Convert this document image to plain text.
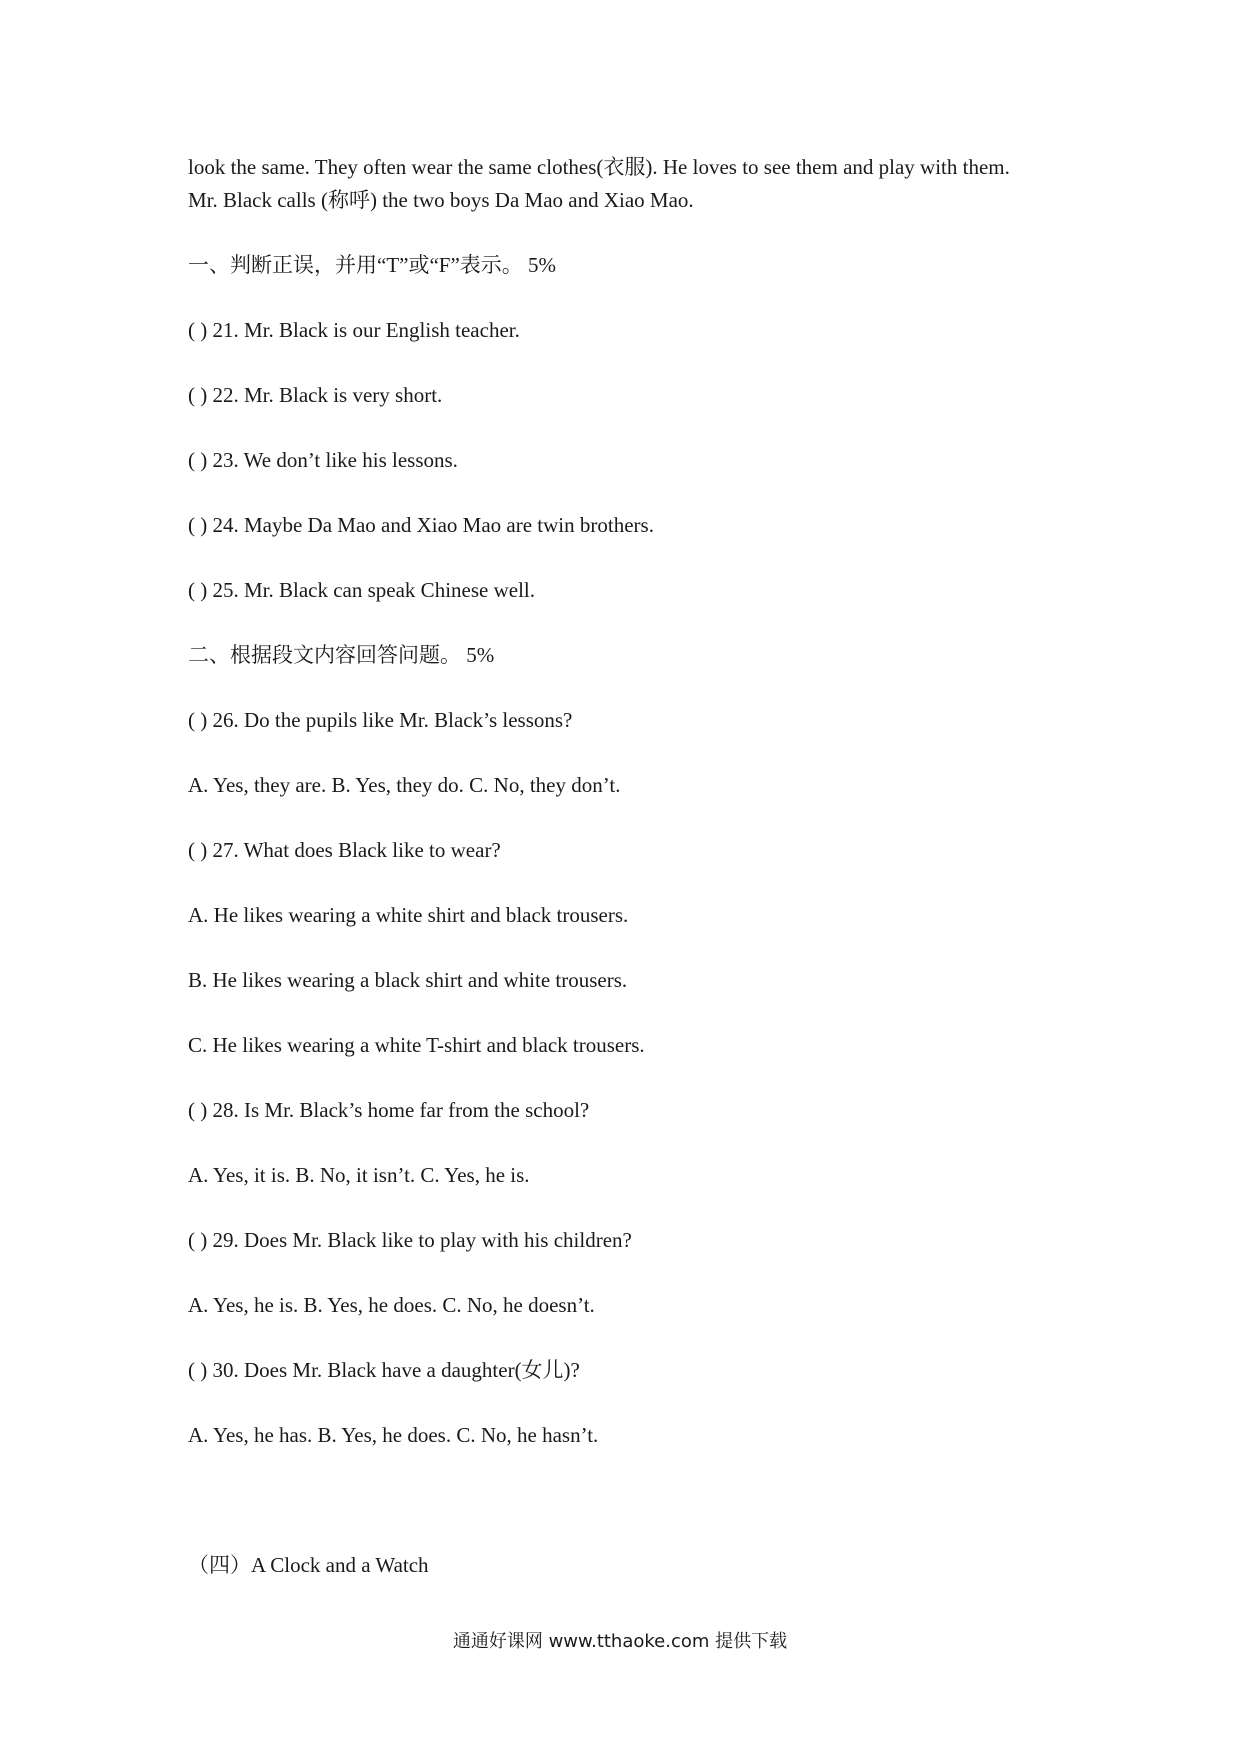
look the same. They often wear the same clothes(衣服). He loves to see them and play with them.
Mr. Black calls (称呼) the two boys Da Mao and Xiao Mao.
一、判断正误，并用“T”或“F”表示。 5%
( ) 21. Mr. Black is our English teacher.
( ) 22. Mr. Black is very short.
( ) 23. We don’t like his lessons.
( ) 24. Maybe Da Mao and Xiao Mao are twin brothers.
( ) 25. Mr. Black can speak Chinese well.
二、根据段文内容回答问题。 5%
( ) 26. Do the pupils like Mr. Black’s lessons?
A. Yes, they are. B. Yes, they do. C. No, they don’t.
( ) 27. What does Black like to wear?
A. He likes wearing a white shirt and black trousers.
B. He likes wearing a black shirt and white trousers.
C. He likes wearing a white T-shirt and black trousers.
( ) 28. Is Mr. Black’s home far from the school?
A. Yes, it is. B. No, it isn’t. C. Yes, he is.
( ) 29. Does Mr. Black like to play with his children?
A. Yes, he is. B. Yes, he does. C. No, he doesn’t.
( ) 30. Does Mr. Black have a daughter(女儿)?
A. Yes, he has. B. Yes, he does. C. No, he hasn’t.
（四）A Clock and a Watch
通通好课网 www.tthaoke.com 提供下载
